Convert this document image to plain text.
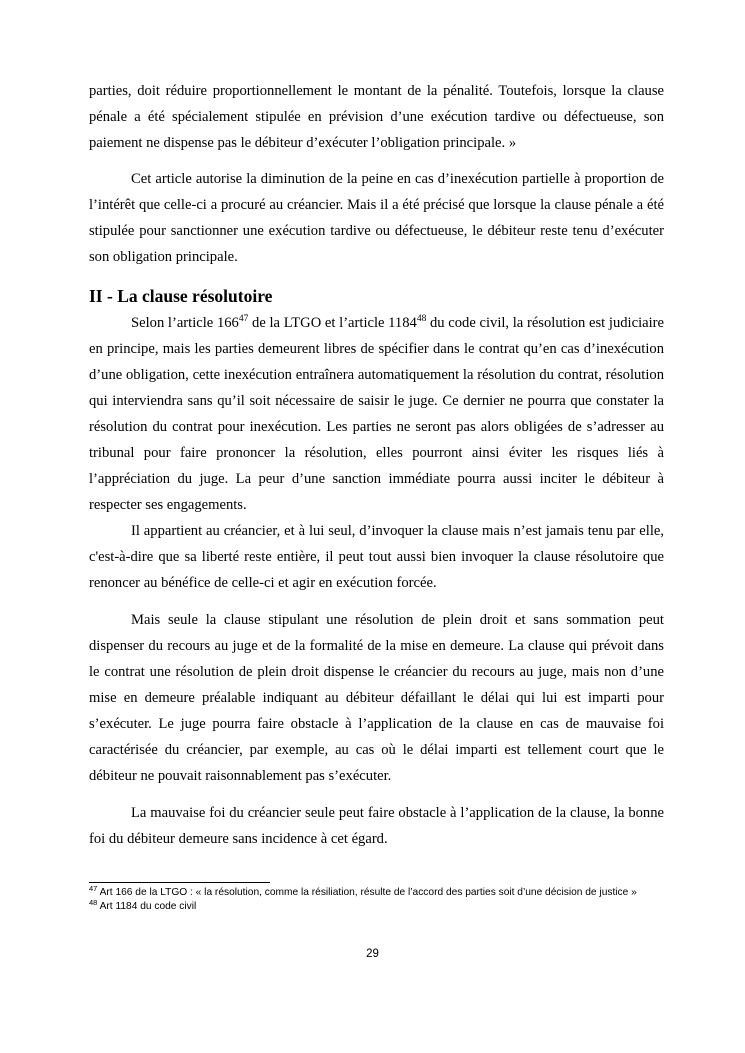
parties, doit réduire proportionnellement le montant de la pénalité. Toutefois, lorsque la clause pénale a été spécialement stipulée en prévision d’une exécution tardive ou défectueuse, son paiement ne dispense pas le débiteur d’exécuter l’obligation principale. »

Cet article autorise la diminution de la peine en cas d’inexécution partielle à proportion de l’intérêt que celle-ci a procuré au créancier. Mais il a été précisé que lorsque la clause pénale a été stipulée pour sanctionner une exécution tardive ou défectueuse, le débiteur reste tenu d’exécuter son obligation principale.

II - La clause résolutoire

Selon l’article $166^{47}$ de la LTGO et l’article 1184$^{48}$ du code civil, la résolution est judiciaire en principe, mais les parties demeurent libres de spécifier dans le contrat qu’en cas d’inexécution d’une obligation, cette inexécution entraînera automatiquement la résolution du contrat, résolution qui interviendra sans qu’il soit nécessaire de saisir le juge. Ce dernier ne pourra que constater la résolution du contrat pour inexécution. Les parties ne seront pas alors obligées de s’adresser au tribunal pour faire prononcer la résolution, elles pourront ainsi éviter les risques liés à l’appréciation du juge. La peur d’une sanction immédiate pourra aussi inciter le débiteur à respecter ses engagements.

Il appartient au créancier, et à lui seul, d’invoquer la clause mais n’est jamais tenu par elle, c'est-à-dire que sa liberté reste entière, il peut tout aussi bien invoquer la clause résolutoire que renoncer au bénéfice de celle-ci et agir en exécution forcée.

Mais seule la clause stipulant une résolution de plein droit et sans sommation peut dispenser du recours au juge et de la formalité de la mise en demeure. La clause qui prévoit dans le contrat une résolution de plein droit dispense le créancier du recours au juge, mais non d’une mise en demeure préalable indiquant au débiteur défaillant le délai qui lui est imparti pour s’exécuter. Le juge pourra faire obstacle à l’application de la clause en cas de mauvaise foi caractérisée du créancier, par exemple, au cas où le délai imparti est tellement court que le débiteur ne pouvait raisonnablement pas s’exécuter.

La mauvaise foi du créancier seule peut faire obstacle à l’application de la clause, la bonne foi du débiteur demeure sans incidence à cet égard.

$^{47}$ Art 166 de la LTGO : « la résolution, comme la résiliation, résulte de l’accord des parties soit d’une décision de justice »

$^{48}$ Art 1184 du code civil

29
